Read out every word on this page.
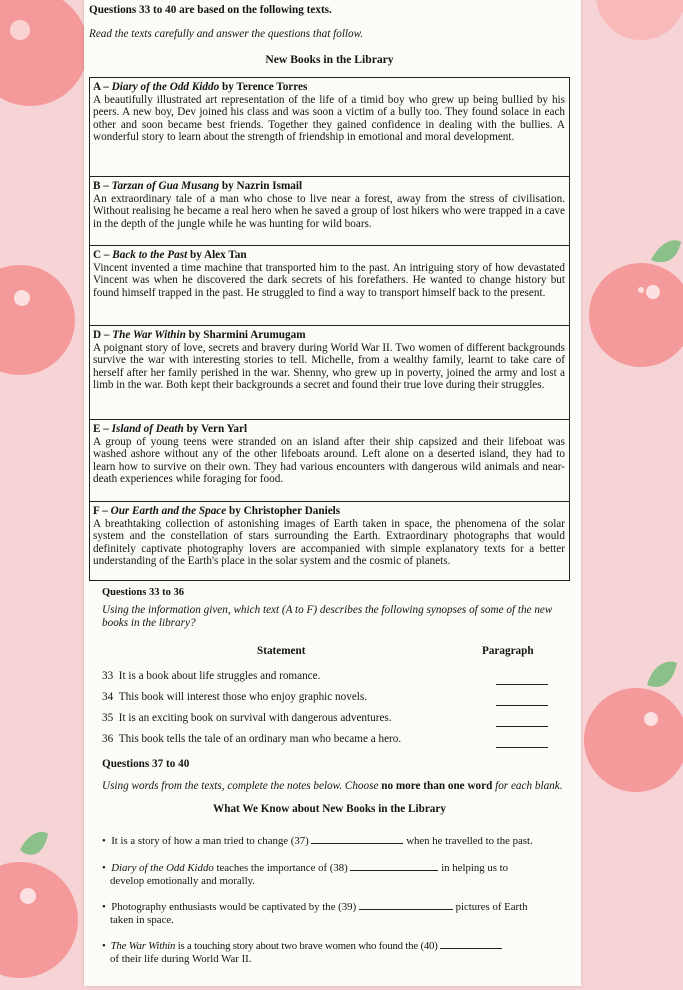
Questions 33 to 40 are based on the following texts.
Read the texts carefully and answer the questions that follow.
New Books in the Library
A – Diary of the Odd Kiddo by Terence Torres
A beautifully illustrated art representation of the life of a timid boy who grew up being bullied by his peers. A new boy, Dev joined his class and was soon a victim of a bully too. They found solace in each other and soon became best friends. Together they gained confidence in dealing with the bullies. A wonderful story to learn about the strength of friendship in emotional and moral development.
B – Tarzan of Gua Musang by Nazrin Ismail
An extraordinary tale of a man who chose to live near a forest, away from the stress of civilisation. Without realising he became a real hero when he saved a group of lost hikers who were trapped in a cave in the depth of the jungle while he was hunting for wild boars.
C – Back to the Past by Alex Tan
Vincent invented a time machine that transported him to the past. An intriguing story of how devastated Vincent was when he discovered the dark secrets of his forefathers. He wanted to change history but found himself trapped in the past. He struggled to find a way to transport himself back to the present.
D – The War Within by Sharmini Arumugam
A poignant story of love, secrets and bravery during World War II. Two women of different backgrounds survive the war with interesting stories to tell. Michelle, from a wealthy family, learnt to take care of herself after her family perished in the war. Shenny, who grew up in poverty, joined the army and lost a limb in the war. Both kept their backgrounds a secret and found their true love during their struggles.
E – Island of Death by Vern Yarl
A group of young teens were stranded on an island after their ship capsized and their lifeboat was washed ashore without any of the other lifeboats around. Left alone on a deserted island, they had to learn how to survive on their own. They had various encounters with dangerous wild animals and near-death experiences while foraging for food.
F – Our Earth and the Space by Christopher Daniels
A breathtaking collection of astonishing images of Earth taken in space, the phenomena of the solar system and the constellation of stars surrounding the Earth. Extraordinary photographs that would definitely captivate photography lovers are accompanied with simple explanatory texts for a better understanding of the Earth's place in the solar system and the cosmic of planets.
Questions 33 to 36
Using the information given, which text (A to F) describes the following synopses of some of the new books in the library?
Statement	Paragraph
33 It is a book about life struggles and romance.
34 This book will interest those who enjoy graphic novels.
35 It is an exciting book on survival with dangerous adventures.
36 This book tells the tale of an ordinary man who became a hero.
Questions 37 to 40
Using words from the texts, complete the notes below. Choose no more than one word for each blank.
What We Know about New Books in the Library
•  It is a story of how a man tried to change (37)	when he travelled to the past.
•  Diary of the Odd Kiddo teaches the importance of (38)	in helping us to
develop emotionally and morally.
•  Photography enthusiasts would be captivated by the (39)	pictures of Earth
taken in space.
•  The War Within is a touching story about two brave women who found the (40)
of their life during World War II.
